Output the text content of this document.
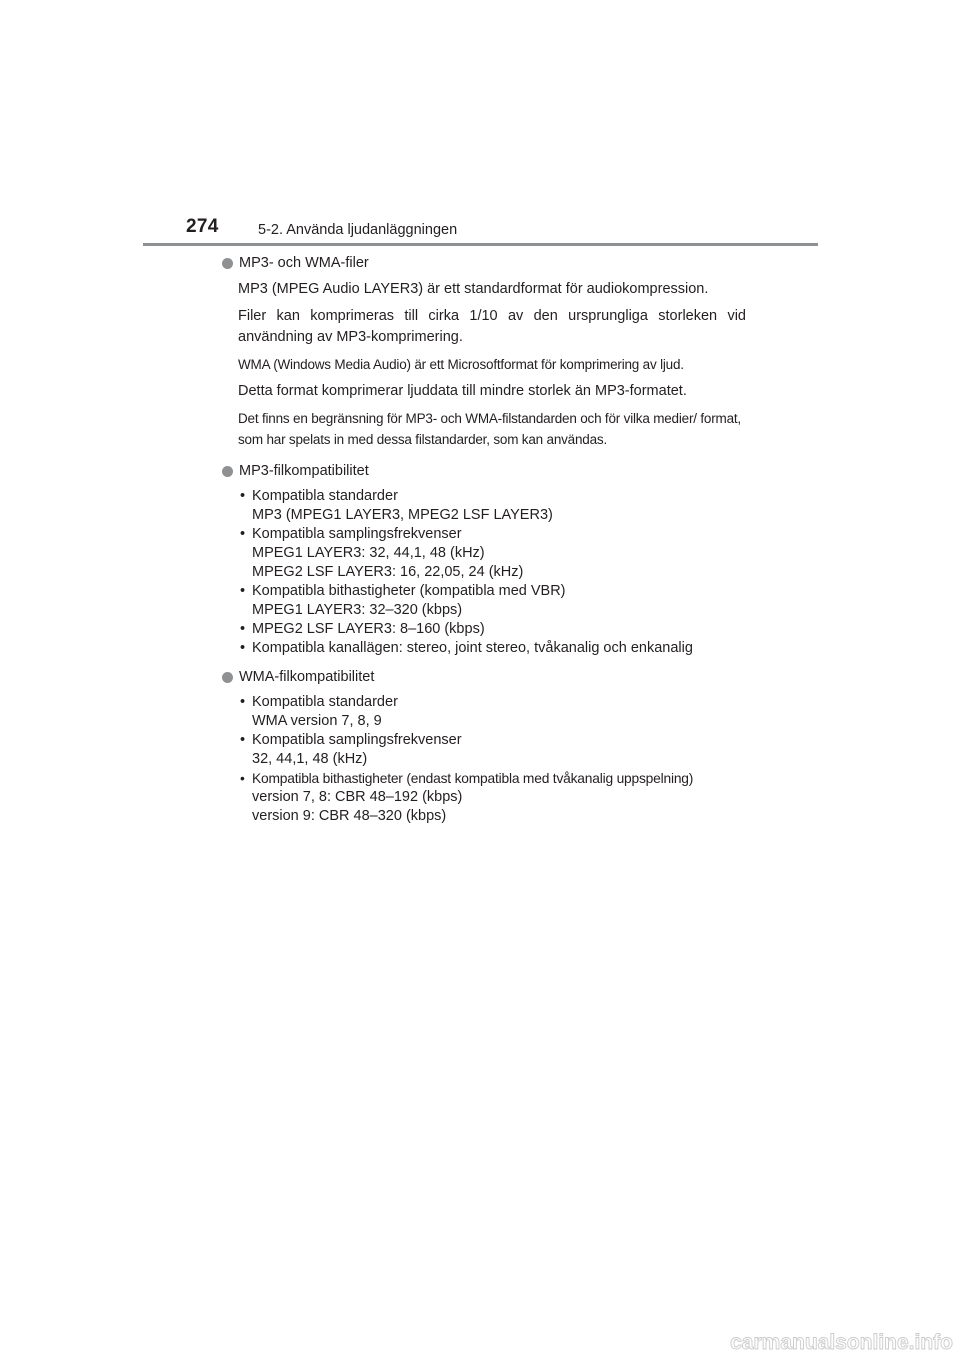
274	5-2. Använda ljudanläggningen
MP3- och WMA-filer

MP3 (MPEG Audio LAYER3) är ett standardformat för audiokompression.

Filer kan komprimeras till cirka 1/10 av den ursprungliga storleken vid användning av MP3-komprimering.

WMA (Windows Media Audio) är ett Microsoftformat för komprimering av ljud.

Detta format komprimerar ljuddata till mindre storlek än MP3-formatet.

Det finns en begränsning för MP3- och WMA-filstandarden och för vilka medier/ format, som har spelats in med dessa filstandarder, som kan användas.

MP3-filkompatibilitet
• Kompatibla standarder
MP3 (MPEG1 LAYER3, MPEG2 LSF LAYER3)
• Kompatibla samplingsfrekvenser
MPEG1 LAYER3: 32, 44,1, 48 (kHz)
MPEG2 LSF LAYER3: 16, 22,05, 24 (kHz)
• Kompatibla bithastigheter (kompatibla med VBR)
MPEG1 LAYER3: 32–320 (kbps)
• MPEG2 LSF LAYER3: 8–160 (kbps)
• Kompatibla kanallägen: stereo, joint stereo, tvåkanalig och enkanalig
WMA-filkompatibilitet
• Kompatibla standarder
WMA version 7, 8, 9
• Kompatibla samplingsfrekvenser
32, 44,1, 48 (kHz)
• Kompatibla bithastigheter (endast kompatibla med tvåkanalig uppspelning)
version 7, 8: CBR 48–192 (kbps)
version 9: CBR 48–320 (kbps)
carmanualsonline.info
